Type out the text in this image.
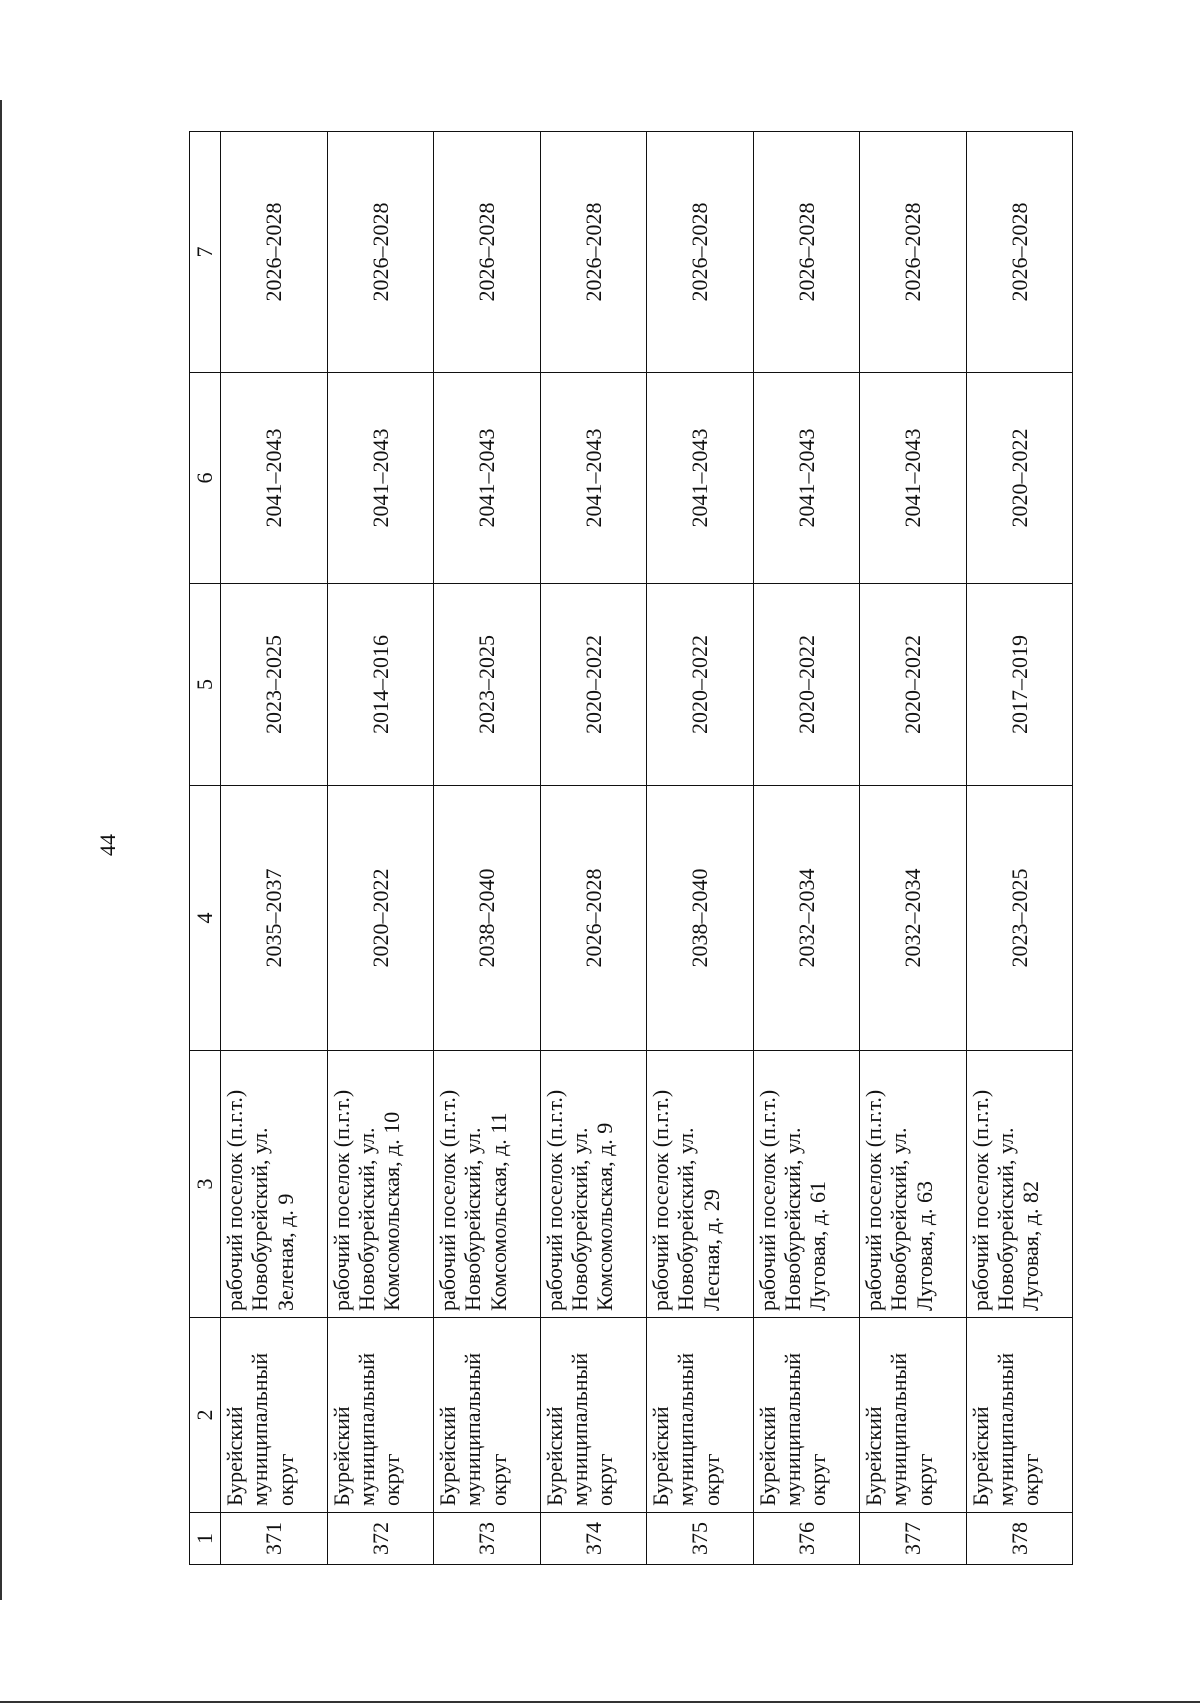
44
1	2	3	4	5	6	7
371	Бурейский муниципальный округ	рабочий поселок (п.г.т.) Новобурейский, ул. Зеленая, д. 9	2035–2037	2023–2025	2041–2043	2026–2028
372	Бурейский муниципальный округ	рабочий поселок (п.г.т.) Новобурейский, ул. Комсомольская, д. 10	2020–2022	2014–2016	2041–2043	2026–2028
373	Бурейский муниципальный округ	рабочий поселок (п.г.т.) Новобурейский, ул. Комсомольская, д. 11	2038–2040	2023–2025	2041–2043	2026–2028
374	Бурейский муниципальный округ	рабочий поселок (п.г.т.) Новобурейский, ул. Комсомольская, д. 9	2026–2028	2020–2022	2041–2043	2026–2028
375	Бурейский муниципальный округ	рабочий поселок (п.г.т.) Новобурейский, ул. Лесная, д. 29	2038–2040	2020–2022	2041–2043	2026–2028
376	Бурейский муниципальный округ	рабочий поселок (п.г.т.) Новобурейский, ул. Луговая, д. 61	2032–2034	2020–2022	2041–2043	2026–2028
377	Бурейский муниципальный округ	рабочий поселок (п.г.т.) Новобурейский, ул. Луговая, д. 63	2032–2034	2020–2022	2041–2043	2026–2028
378	Бурейский муниципальный округ	рабочий поселок (п.г.т.) Новобурейский, ул. Луговая, д. 82	2023–2025	2017–2019	2020–2022	2026–2028
